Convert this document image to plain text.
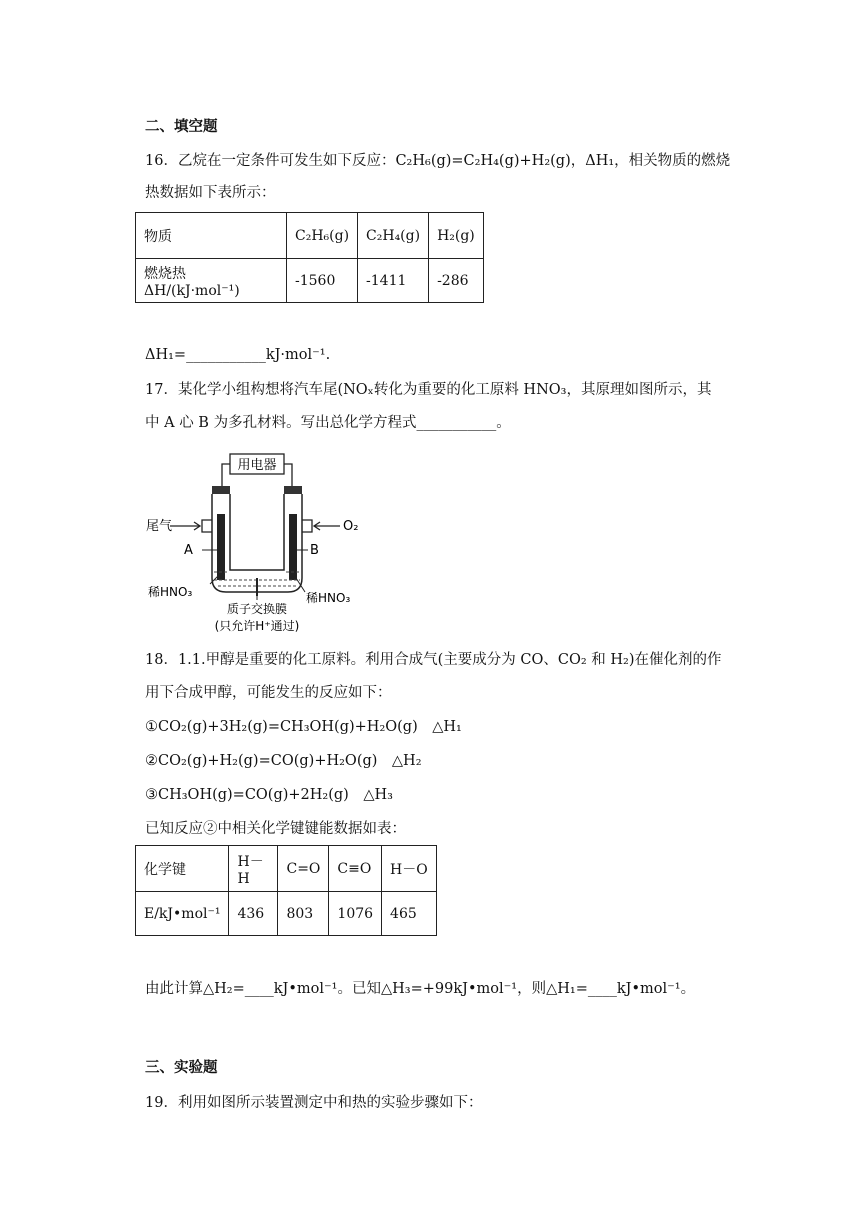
二、填空题
16．乙烷在一定条件可发生如下反应：C₂H₆(g)=C₂H₄(g)+H₂(g)，ΔH₁，相关物质的燃烧
热数据如下表所示：
物质	C₂H₆(g)	C₂H₄(g)	H₂(g)
燃烧热ΔH/(kJ·mol⁻¹)	-1560	-1411	-286
ΔH₁=___________kJ·mol⁻¹.
17．某化学小组构想将汽车尾(NOₓ转化为重要的化工原料 HNO₃，其原理如图所示，其
中 A 心 B 为多孔材料。写出总化学方程式___________。
用电器
尾气	O₂
A	B
稀HNO₃	稀HNO₃
质子交换膜
(只允许H⁺通过)
18．1.1.甲醇是重要的化工原料。利用合成气(主要成分为 CO、CO₂ 和 H₂)在催化剂的作
用下合成甲醇，可能发生的反应如下：
①CO₂(g)+3H₂(g)=CH₃OH(g)+H₂O(g)　△H₁
②CO₂(g)+H₂(g)=CO(g)+H₂O(g)　△H₂
③CH₃OH(g)=CO(g)+2H₂(g)　△H₃
已知反应②中相关化学键键能数据如表：
化学键	H－H	C=O	C≡O	H－O
E/kJ•mol⁻¹	436	803	1076	465
由此计算△H₂=____kJ•mol⁻¹。已知△H₃=+99kJ•mol⁻¹，则△H₁=____kJ•mol⁻¹。
三、实验题
19．利用如图所示装置测定中和热的实验步骤如下：
